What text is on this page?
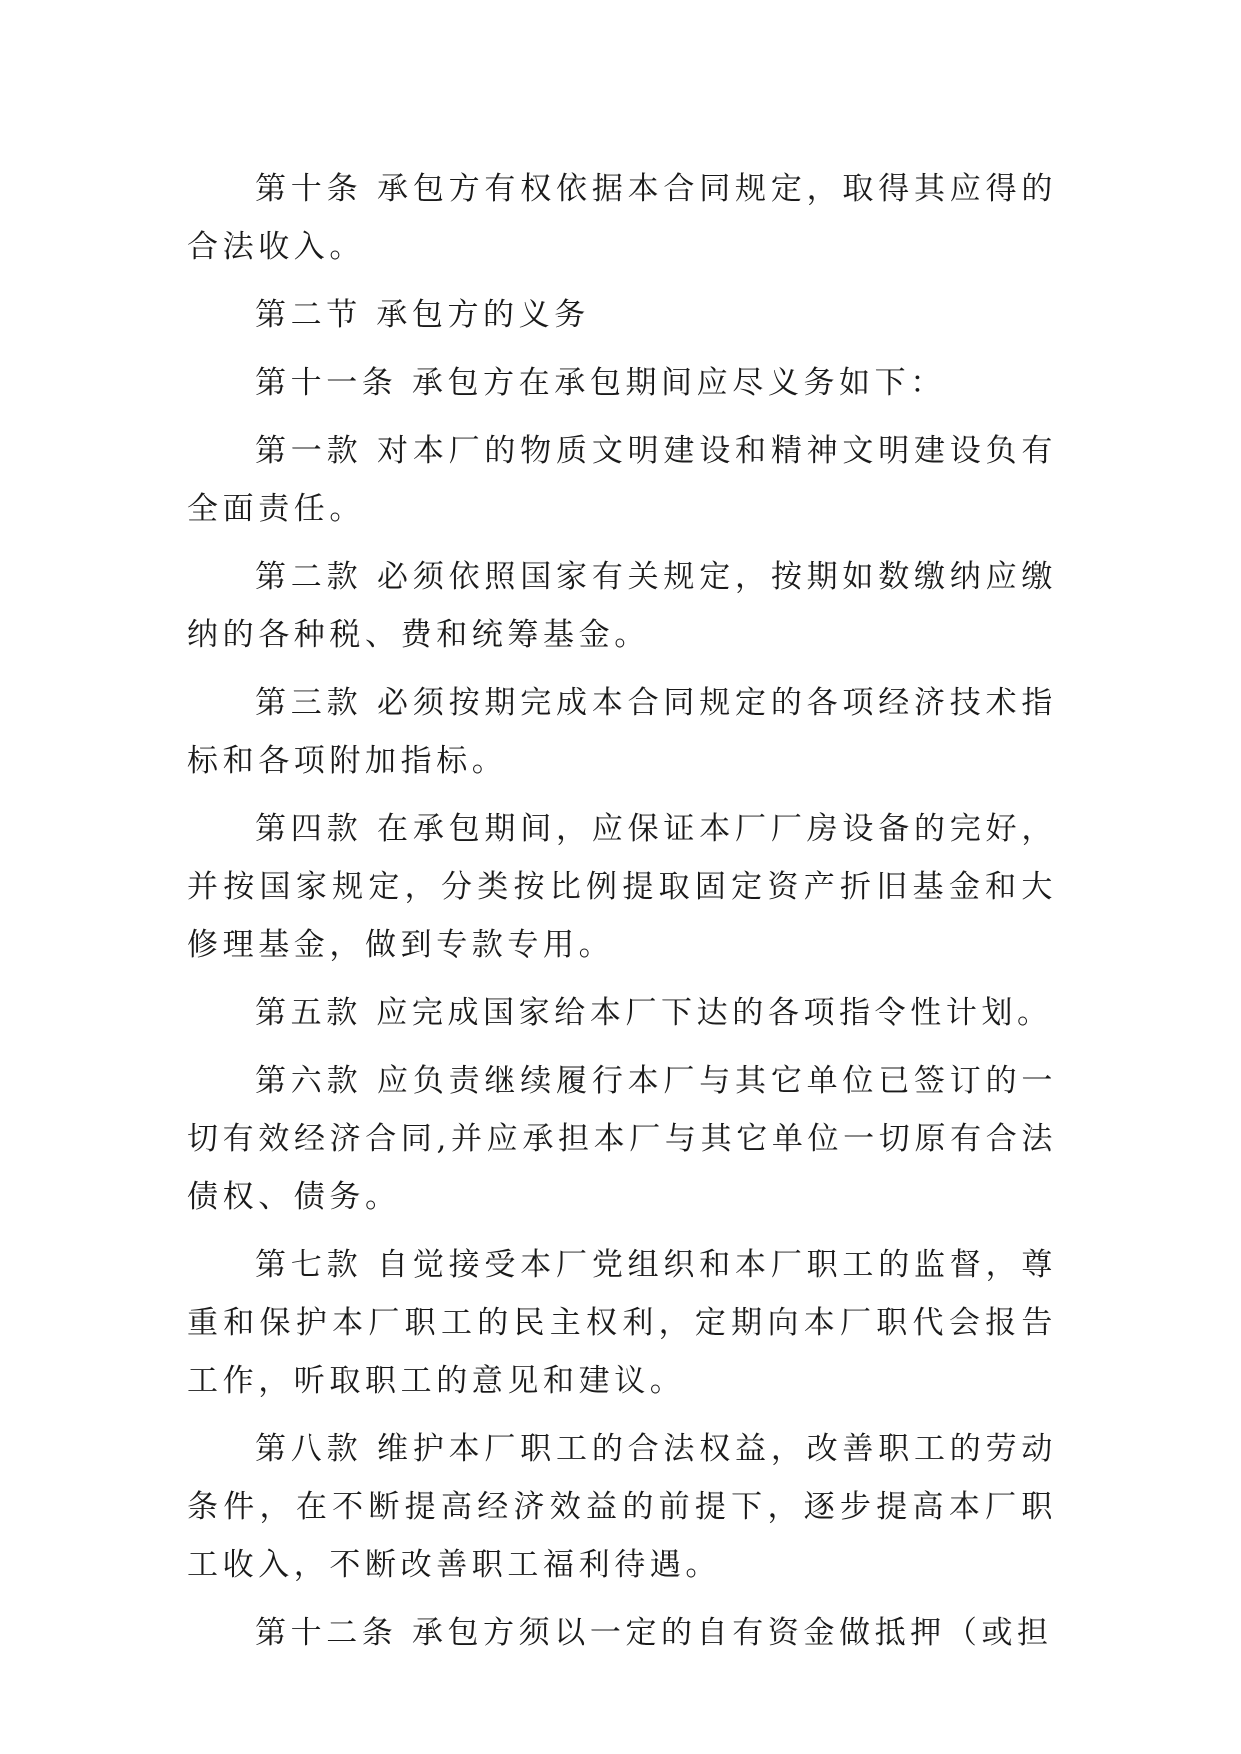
第十条 承包方有权依据本合同规定，取得其应得的合法收入。

第二节 承包方的义务

第十一条 承包方在承包期间应尽义务如下：

第一款 对本厂的物质文明建设和精神文明建设负有全面责任。

第二款 必须依照国家有关规定，按期如数缴纳应缴纳的各种税、费和统筹基金。

第三款 必须按期完成本合同规定的各项经济技术指标和各项附加指标。

第四款 在承包期间，应保证本厂厂房设备的完好，并按国家规定，分类按比例提取固定资产折旧基金和大修理基金，做到专款专用。

第五款 应完成国家给本厂下达的各项指令性计划。

第六款 应负责继续履行本厂与其它单位已签订的一切有效经济合同,并应承担本厂与其它单位一切原有合法债权、债务。

第七款 自觉接受本厂党组织和本厂职工的监督，尊重和保护本厂职工的民主权利，定期向本厂职代会报告工作，听取职工的意见和建议。

第八款 维护本厂职工的合法权益，改善职工的劳动条件，在不断提高经济效益的前提下，逐步提高本厂职工收入，不断改善职工福利待遇。

第十二条 承包方须以一定的自有资金做抵押（或担
